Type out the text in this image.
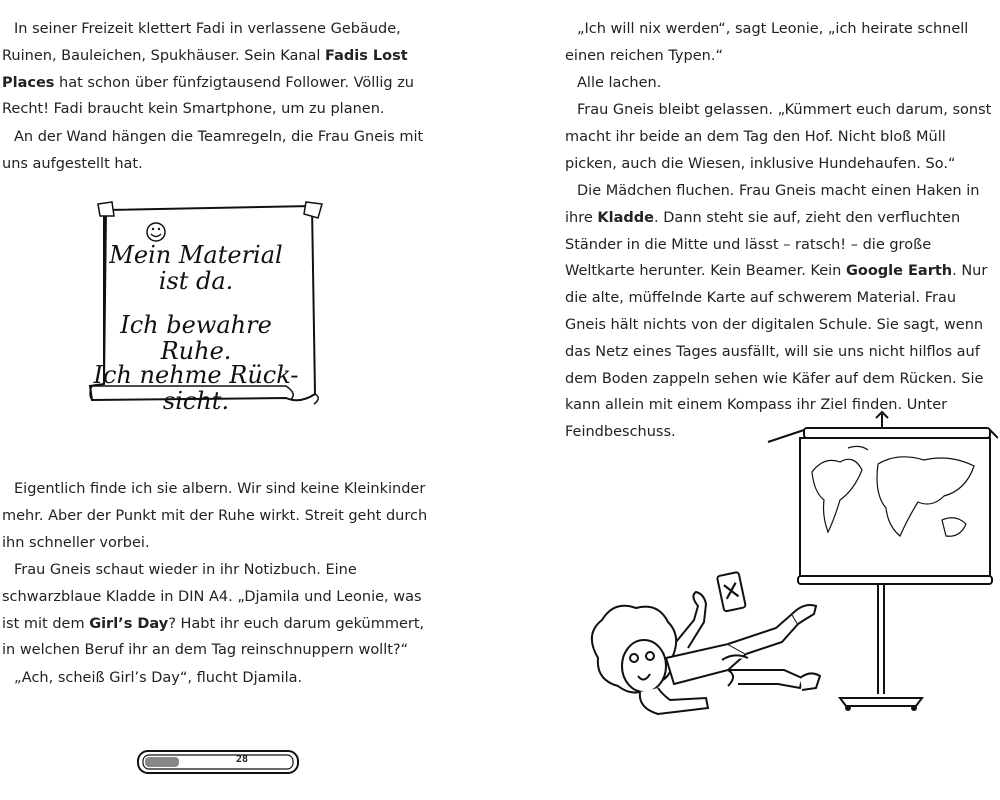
In seiner Freizeit klettert Fadi in verlassene Gebäude, Ruinen, Bauleichen, Spukhäuser. Sein Kanal Fadis Lost Places hat schon über fünfzigtausend Follower. Völlig zu Recht! Fadi braucht kein Smartphone, um zu planen.

An der Wand hängen die Teamregeln, die Frau Gneis mit uns aufgestellt hat.

Mein Material
ist da.
Ich bewahre Ruhe.
Ich nehme Rück-
sicht.

Eigentlich finde ich sie albern. Wir sind keine Kleinkinder mehr. Aber der Punkt mit der Ruhe wirkt. Streit geht durch ihn schneller vorbei.

Frau Gneis schaut wieder in ihr Notizbuch. Eine schwarzblaue Kladde in DIN A4. „Djamila und Leonie, was ist mit dem Girl’s Day? Habt ihr euch darum gekümmert, in welchen Beruf ihr an dem Tag reinschnuppern wollt?“

„Ach, scheiß Girl’s Day“, flucht Djamila.

28

„Ich will nix werden“, sagt Leonie, „ich heirate schnell einen reichen Typen.“

Alle lachen.

Frau Gneis bleibt gelassen. „Kümmert euch darum, sonst macht ihr beide an dem Tag den Hof. Nicht bloß Müll picken, auch die Wiesen, inklusive Hundehaufen. So.“

Die Mädchen fluchen. Frau Gneis macht einen Haken in ihre Kladde. Dann steht sie auf, zieht den verfluchten Ständer in die Mitte und lässt – ratsch! – die große Weltkarte herunter. Kein Beamer. Kein Google Earth. Nur die alte, müffelnde Karte auf schwerem Material. Frau Gneis hält nichts von der digitalen Schule. Sie sagt, wenn das Netz eines Tages ausfällt, will sie uns nicht hilflos auf dem Boden zappeln sehen wie Käfer auf dem Rücken. Sie kann allein mit einem Kompass ihr Ziel finden. Unter Feindbeschuss.
